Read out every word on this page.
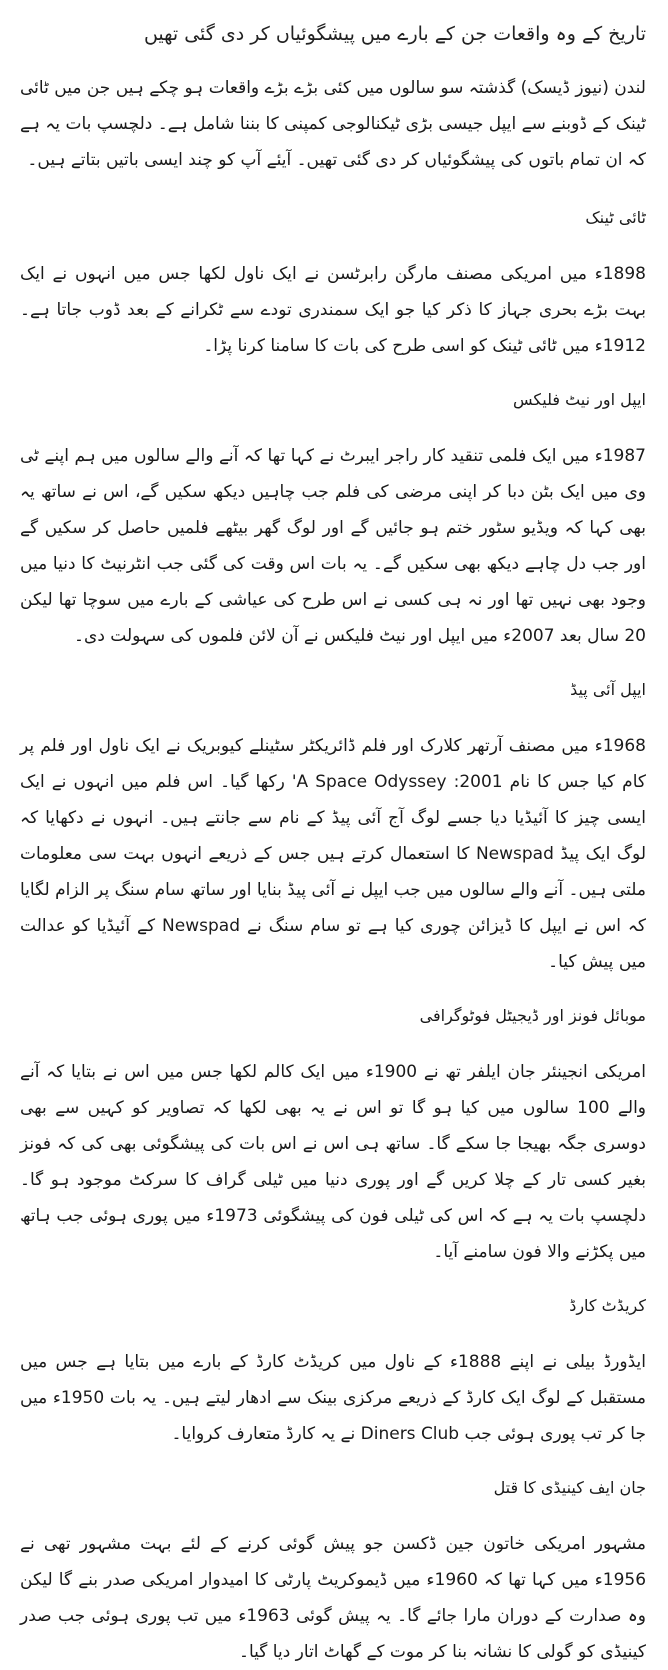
تاریخ کے وہ واقعات جن کے بارے میں پیشگوئیاں کر دی گئی تھیں

لندن (نیوز ڈیسک) گذشتہ سو سالوں میں کئی بڑے بڑے واقعات ہو چکے ہیں جن میں ٹائی ٹینک کے ڈوبنے سے ایپل جیسی بڑی ٹیکنالوجی کمپنی کا بننا شامل ہے۔ دلچسپ بات یہ ہے کہ ان تمام باتوں کی پیشگوئیاں کر دی گئی تھیں۔ آیئے آپ کو چند ایسی باتیں بتاتے ہیں۔

ٹائی ٹینک

1898ء میں امریکی مصنف مارگن رابرٹسن نے ایک ناول لکھا جس میں انہوں نے ایک بہت بڑے بحری جہاز کا ذکر کیا جو ایک سمندری تودے سے ٹکرانے کے بعد ڈوب جاتا ہے۔ 1912ء میں ٹائی ٹینک کو اسی طرح کی بات کا سامنا کرنا پڑا۔

ایپل اور نیٹ فلیکس

1987ء میں ایک فلمی تنقید کار راجر ایبرٹ نے کہا تھا کہ آنے والے سالوں میں ہم اپنے ٹی وی میں ایک بٹن دبا کر اپنی مرضی کی فلم جب چاہیں دیکھ سکیں گے، اس نے ساتھ یہ بھی کہا کہ ویڈیو سٹور ختم ہو جائیں گے اور لوگ گھر بیٹھے فلمیں حاصل کر سکیں گے اور جب دل چاہے دیکھ بھی سکیں گے۔ یہ بات اس وقت کی گئی جب انٹرنیٹ کا دنیا میں وجود بھی نہیں تھا اور نہ ہی کسی نے اس طرح کی عیاشی کے بارے میں سوچا تھا لیکن 20 سال بعد 2007ء میں ایپل اور نیٹ فلیکس نے آن لائن فلموں کی سہولت دی۔

ایپل آئی پیڈ

1968ء میں مصنف آرتھر کلارک اور فلم ڈائریکٹر سٹینلے کیوبریک نے ایک ناول اور فلم پر کام کیا جس کا نام 2001: A Space Odyssey' رکھا گیا۔ اس فلم میں انہوں نے ایک ایسی چیز کا آئیڈیا دیا جسے لوگ آج آئی پیڈ کے نام سے جانتے ہیں۔ انہوں نے دکھایا کہ لوگ ایک پیڈ Newspad کا استعمال کرتے ہیں جس کے ذریعے انہوں بہت سی معلومات ملتی ہیں۔ آنے والے سالوں میں جب ایپل نے آئی پیڈ بنایا اور ساتھ سام سنگ پر الزام لگایا کہ اس نے ایپل کا ڈیزائن چوری کیا ہے تو سام سنگ نے Newspad کے آئیڈیا کو عدالت میں پیش کیا۔

موبائل فونز اور ڈیجیٹل فوٹوگرافی

امریکی انجینئر جان ایلفر تھ نے 1900ء میں ایک کالم لکھا جس میں اس نے بتایا کہ آنے والے 100 سالوں میں کیا ہو گا تو اس نے یہ بھی لکھا کہ تصاویر کو کہیں سے بھی دوسری جگہ بھیجا جا سکے گا۔ ساتھ ہی اس نے اس بات کی پیشگوئی بھی کی کہ فونز بغیر کسی تار کے چلا کریں گے اور پوری دنیا میں ٹیلی گراف کا سرکٹ موجود ہو گا۔ دلچسپ بات یہ ہے کہ اس کی ٹیلی فون کی پیشگوئی 1973ء میں پوری ہوئی جب ہاتھ میں پکڑنے والا فون سامنے آیا۔

کریڈٹ کارڈ

ایڈورڈ بیلی نے اپنے 1888ء کے ناول میں کریڈٹ کارڈ کے بارے میں بتایا ہے جس میں مستقبل کے لوگ ایک کارڈ کے ذریعے مرکزی بینک سے ادھار لیتے ہیں۔ یہ بات 1950ء میں جا کر تب پوری ہوئی جب Diners Club نے یہ کارڈ متعارف کروایا۔

جان ایف کینیڈی کا قتل

مشہور امریکی خاتون جین ڈکسن جو پیش گوئی کرنے کے لئے بہت مشہور تھی نے 1956ء میں کہا تھا کہ 1960ء میں ڈیموکریٹ پارٹی کا امیدوار امریکی صدر بنے گا لیکن وہ صدارت کے دوران مارا جائے گا۔ یہ پیش گوئی 1963ء میں تب پوری ہوئی جب صدر کینیڈی کو گولی کا نشانہ بنا کر موت کے گھاٹ اتار دیا گیا۔
